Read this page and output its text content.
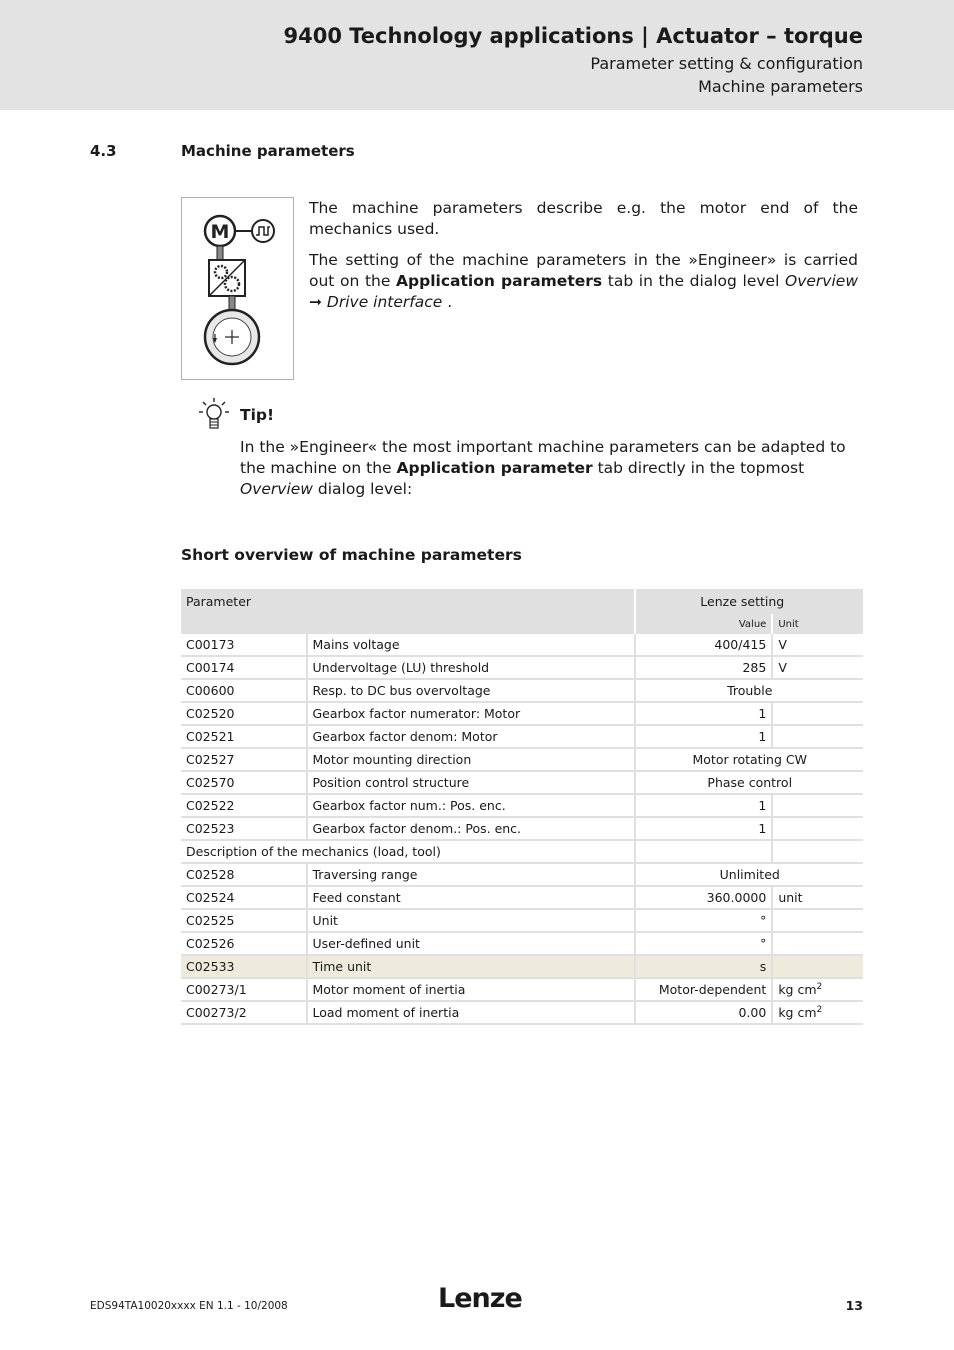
9400 Technology applications | Actuator – torque
Parameter setting & configuration
Machine parameters
4.3	Machine parameters
M

The machine parameters describe e.g. the motor end of the mechanics used.

The setting of the machine parameters in the »Engineer» is carried out on the Application parameters tab in the dialog level Overview ➞ Drive interface .

Tip!
In the »Engineer« the most important machine parameters can be adapted to the machine on the Application parameter tab directly in the topmost Overview dialog level:
Short overview of machine parameters
Parameter		Lenze setting	
		Value	Unit
C00173	Mains voltage	400/415	V
C00174	Undervoltage (LU) threshold	285	V
C00600	Resp. to DC bus overvoltage	Trouble	
C02520	Gearbox factor numerator: Motor	1	
C02521	Gearbox factor denom: Motor	1	
C02527	Motor mounting direction	Motor rotating CW	
C02570	Position control structure	Phase control	
C02522	Gearbox factor num.: Pos. enc.	1	
C02523	Gearbox factor denom.: Pos. enc.	1	
Description of the mechanics (load, tool)			
C02528	Traversing range	Unlimited	
C02524	Feed constant	360.0000	unit
C02525	Unit	°	
C02526	User-defined unit	°	
C02533	Time unit	s	
C00273/1	Motor moment of inertia	Motor-dependent	kg $cm^2$
C00273/2	Load moment of inertia	0.00	kg $cm^2$
EDS94TA10020xxxx EN 1.1 - 10/2008	Lenze	13
